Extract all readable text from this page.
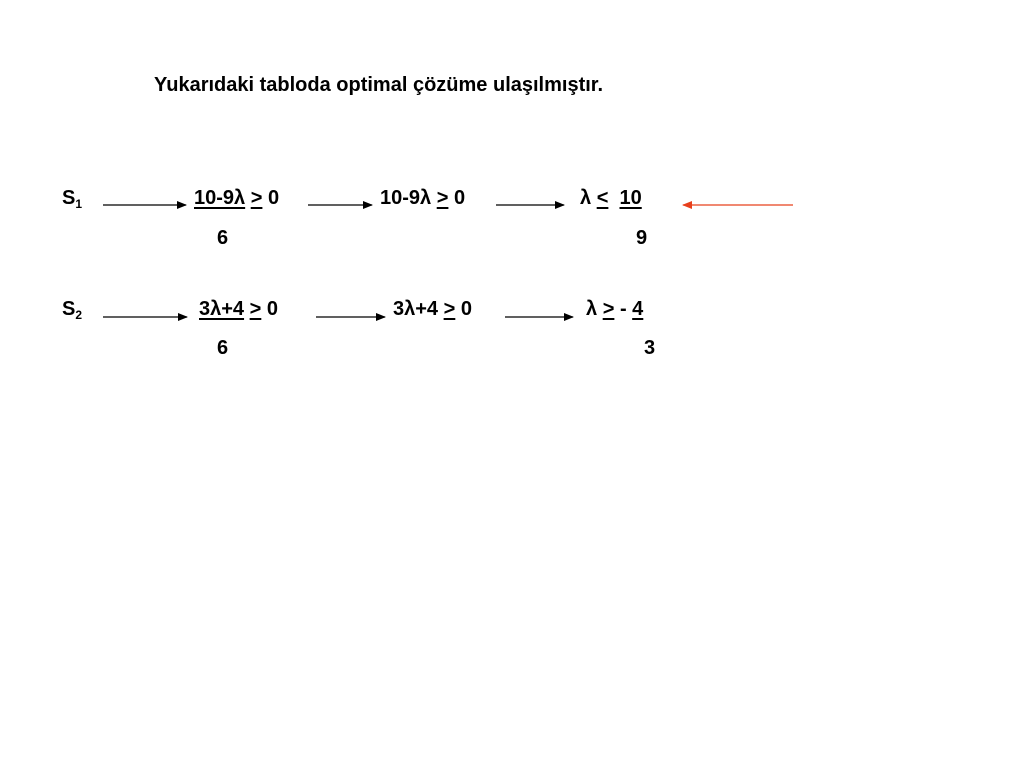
Yukarıdaki tabloda optimal çözüme ulaşılmıştır.

$S_1$	10-9λ > 0
6
10-9λ > 0	λ < 10
9
$S_2$	3λ+4 > 0
6
3λ+4 > 0	λ > - 4
3
